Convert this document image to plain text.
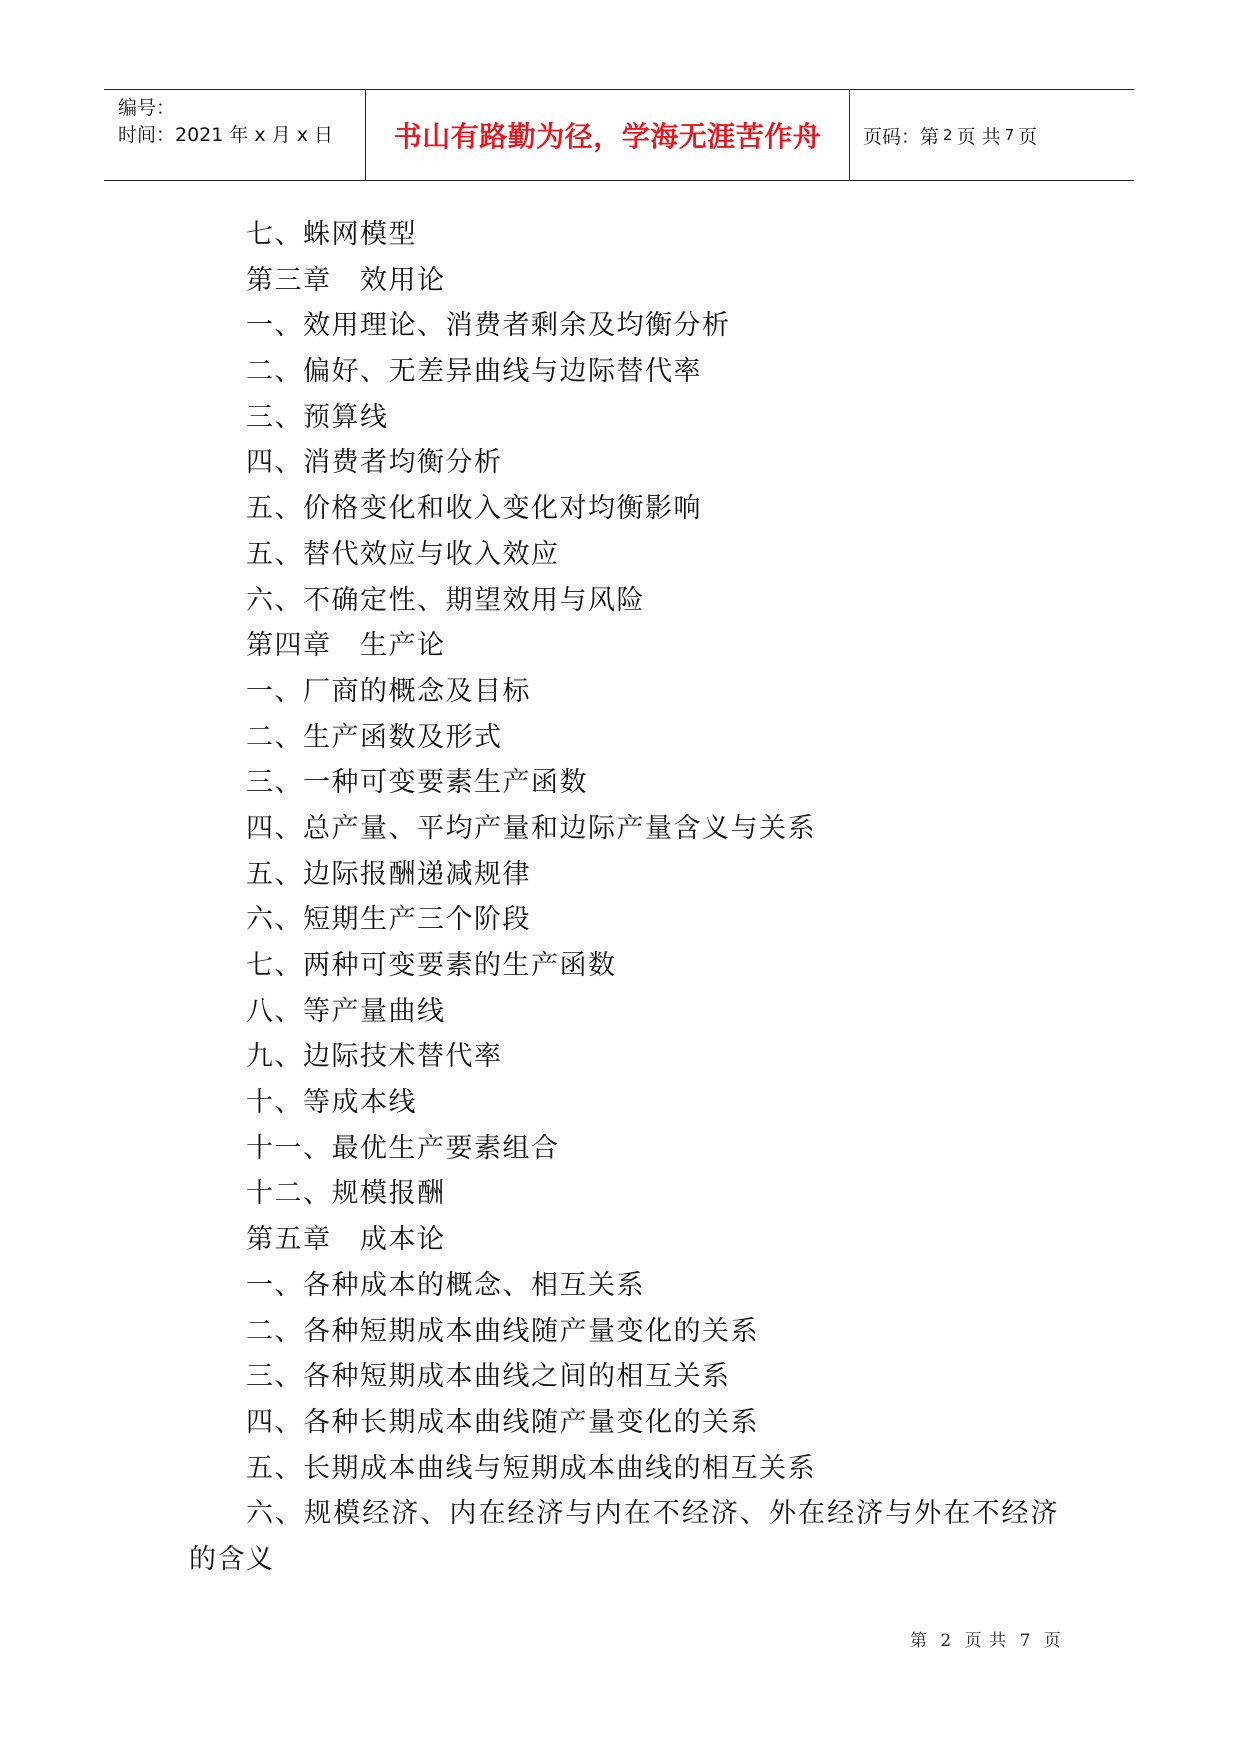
编号：
时间：2021 年 x 月 x 日 书山有路勤为径，学海无涯苦作舟 页码：第 2 页 共 7 页
七、蛛网模型
第三章　效用论
一、效用理论、消费者剩余及均衡分析
二、偏好、无差异曲线与边际替代率
三、预算线
四、消费者均衡分析
五、价格变化和收入变化对均衡影响
五、替代效应与收入效应
六、不确定性、期望效用与风险
第四章　生产论
一、厂商的概念及目标
二、生产函数及形式
三、一种可变要素生产函数
四、总产量、平均产量和边际产量含义与关系
五、边际报酬递减规律
六、短期生产三个阶段
七、两种可变要素的生产函数
八、等产量曲线
九、边际技术替代率
十、等成本线
十一、最优生产要素组合
十二、规模报酬
第五章　成本论
一、各种成本的概念、相互关系
二、各种短期成本曲线随产量变化的关系
三、各种短期成本曲线之间的相互关系
四、各种长期成本曲线随产量变化的关系
五、长期成本曲线与短期成本曲线的相互关系
六、规模经济、内在经济与内在不经济、外在经济与外在不经济的含义
第 2 页 共 7 页
